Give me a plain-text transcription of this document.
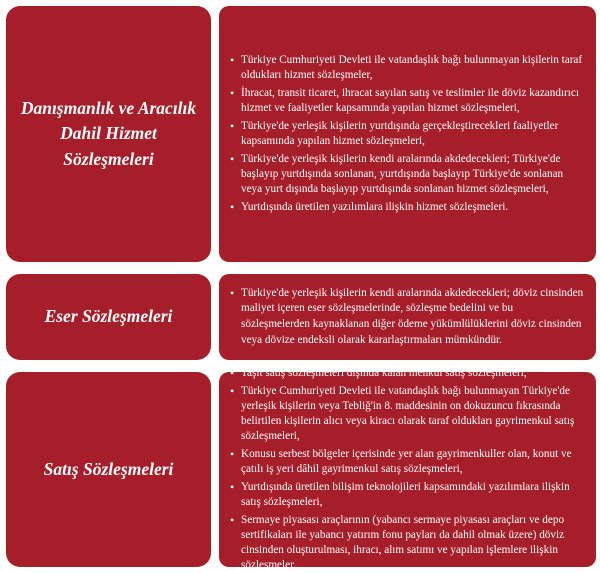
Danışmanlık ve Aracılık Dahil Hizmet Sözleşmeleri
• Türkiye Cumhuriyeti Devleti ile vatandaşlık bağı bulunmayan kişilerin taraf oldukları hizmet sözleşmeler,
• İhracat, transit ticaret, ihracat sayılan satış ve teslimler ile döviz kazandırıcı hizmet ve faaliyetler kapsamında yapılan hizmet sözleşmeleri,
• Türkiye'de yerleşik kişilerin yurtdışında gerçekleştirecekleri faaliyetler kapsamında yapılan hizmet sözleşmeleri,
• Türkiye'de yerleşik kişilerin kendi aralarında akdedecekleri; Türkiye'de başlayıp yurtdışında sonlanan, yurtdışında başlayıp Türkiye'de sonlanan veya yurt dışında başlayıp yurtdışında sonlanan hizmet sözleşmeleri,
• Yurtdışında üretilen yazılımlara ilişkin hizmet sözleşmeleri.
Eser Sözleşmeleri
• Türkiye'de yerleşik kişilerin kendi aralarında akdedecekleri; döviz cinsinden maliyet içeren eser sözleşmelerinde, sözleşme bedelini ve bu sözleşmelerden kaynaklanan diğer ödeme yükümlülüklerini döviz cinsinden veya dövize endeksli olarak kararlaştırmaları mümkündür.
Satış Sözleşmeleri
• Taşıt satış sözleşmeleri dışında kalan menkul satış sözleşmeleri,
• Türkiye Cumhuriyeti Devleti ile vatandaşlık bağı bulunmayan Türkiye'de yerleşik kişilerin veya Tebliğ'in 8. maddesinin on dokuzuncu fıkrasında belirtilen kişilerin alıcı veya kiracı olarak taraf oldukları gayrimenkul satış sözleşmeleri,
• Konusu serbest bölgeler içerisinde yer alan gayrimenkuller olan, konut ve çatılı iş yeri dâhil gayrimenkul satış sözleşmeleri,
• Yurtdışında üretilen bilişim teknolojileri kapsamındaki yazılımlara ilişkin satış sözleşmeleri,
• Sermaye piyasası araçlarının (yabancı sermaye piyasası araçları ve depo sertifikaları ile yabancı yatırım fonu payları da dahil olmak üzere) döviz cinsinden oluşturulması, ihracı, alım satımı ve yapılan işlemlere ilişkin sözleşmeler.
